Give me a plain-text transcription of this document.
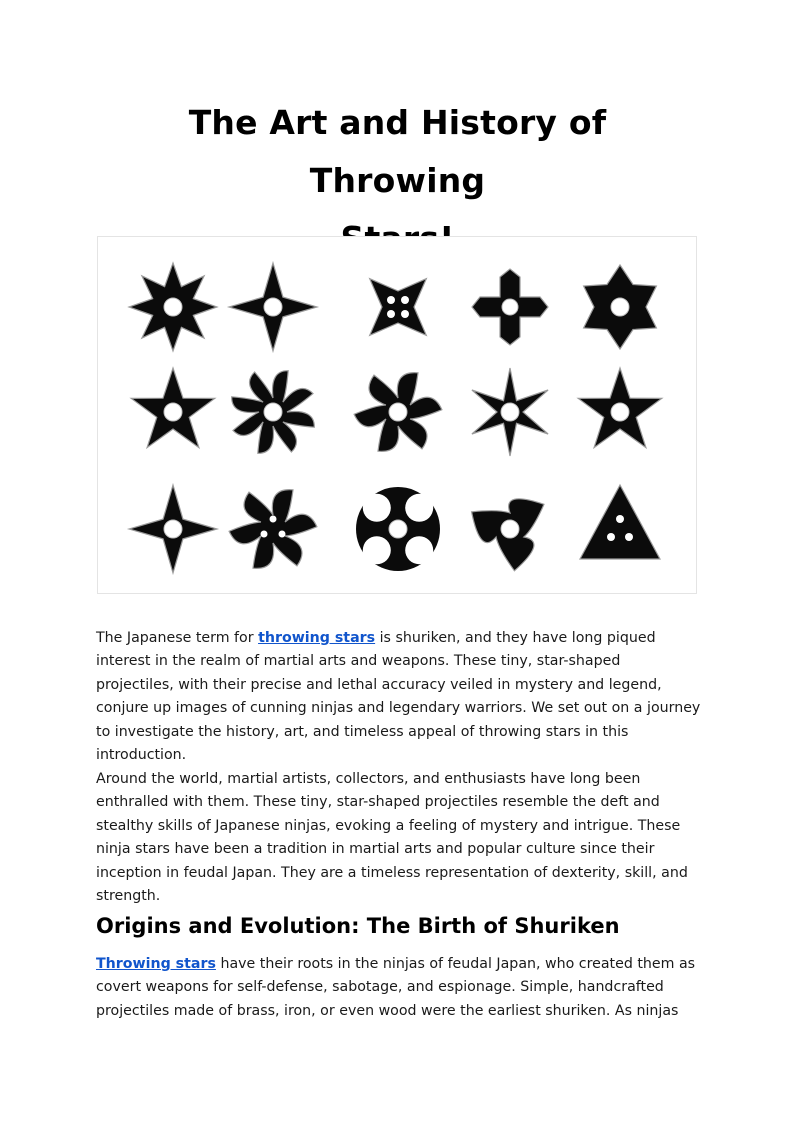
The Art and History of Throwing

The Japanese term for throwing stars is shuriken, and they have long piqued interest in the realm of martial arts and weapons. These tiny, star-shaped projectiles, with their precise and lethal accuracy veiled in mystery and legend, conjure up images of cunning ninjas and legendary warriors. We set out on a journey to investigate the history, art, and timeless appeal of throwing stars in this introduction.

Around the world, martial artists, collectors, and enthusiasts have long been enthralled with them. These tiny, star-shaped projectiles resemble the deft and stealthy skills of Japanese ninjas, evoking a feeling of mystery and intrigue. These ninja stars have been a tradition in martial arts and popular culture since their inception in feudal Japan. They are a timeless representation of dexterity, skill, and strength.

Origins and Evolution: The Birth of Shuriken

Throwing stars have their roots in the ninjas of feudal Japan, who created them as covert weapons for self-defense, sabotage, and espionage. Simple, handcrafted projectiles made of brass, iron, or even wood were the earliest shuriken. As ninjas
